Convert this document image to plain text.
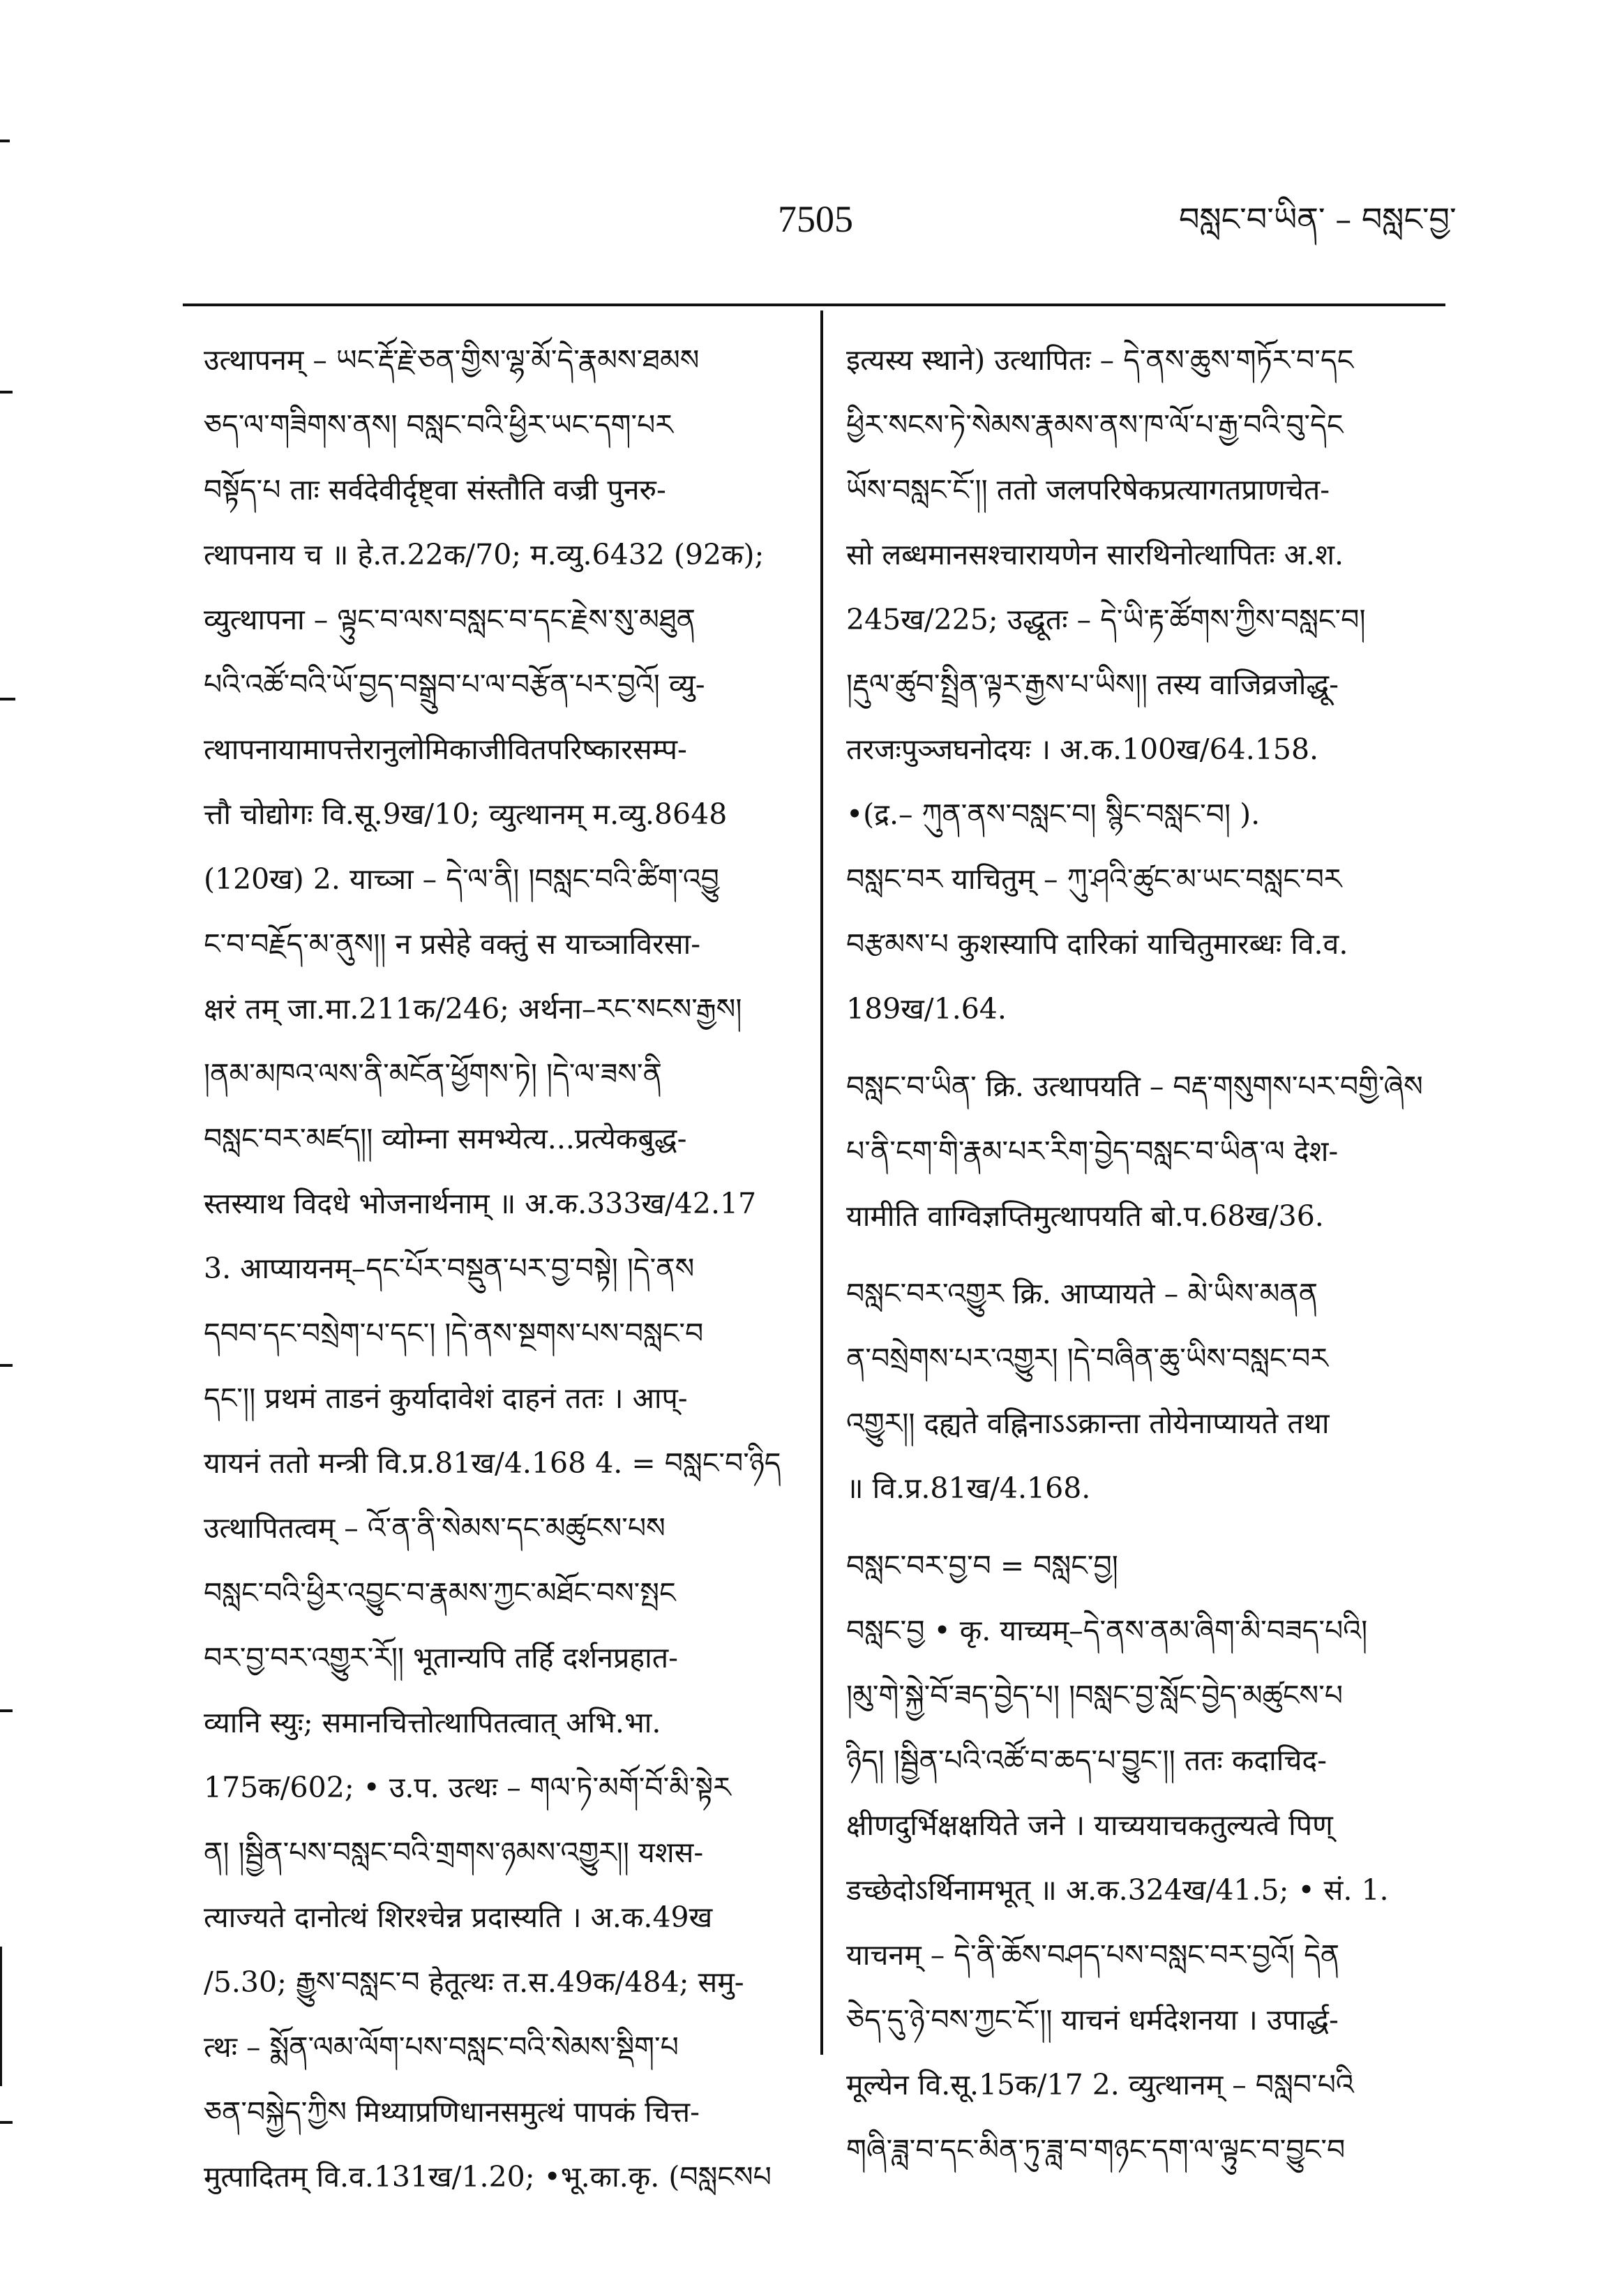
7505	བསླང་བ་ཡིན་ – བསླང་བྱ་
उत्थापनम् – ཡང་རྡོ་རྗེ་ཅན་གྱིས་ལྷ་མོ་དེ་རྣམས་ཐམས
ཅད་ལ་གཟིགས་ནས། བསླང་བའི་ཕྱིར་ཡང་དག་པར
བསྟོད་པ ताः सर्वदेवीर्दृष्ट्वा संस्तौति वज्री पुनरु-
त्थापनाय च ॥ हे.त.22क/70; म.व्यु.6432 (92क);
व्युत्थापना – ལྟུང་བ་ལས་བསླང་བ་དང་རྗེས་སུ་མཐུན
པའི་འཚོ་བའི་ཡོ་བྱད་བསྒྲུབ་པ་ལ་བརྩོན་པར་བྱའོ། व्यु-
त्थापनायामापत्तेरानुलोमिकाजीवितपरिष्कारसम्प-
त्तौ चोद्योगः वि.सू.9ख/10; व्युत्थानम् म.व्यु.8648
(120ख) 2. याच्ञा – དེ་ལ་ནི། །བསླང་བའི་ཚིག་འབྱུ
ང་བ་བརྗོད་མ་ནུས།། न प्रसेहे वक्तुं स याच्ञाविरसा-
क्षरं तम् जा.मा.211क/246; अर्थना–རང་སངས་རྒྱས།
།ནམ་མཁའ་ལས་ནི་མངོན་ཕྱོགས་ཏེ། །དེ་ལ་ཟས་ནི
བསླང་བར་མཛད།། व्योम्ना समभ्येत्य...प्रत्येकबुद्ध-
स्तस्याथ विदधे भोजनार्थनाम् ॥ अ.क.333ख/42.17
3. आप्यायनम्–དང་པོར་བསྡུན་པར་བྱ་བསྟེ། །དེ་ནས
དབབ་དང་བསྲེག་པ་དང་། །དེ་ནས་སྔགས་པས་བསླང་བ
དང་།། प्रथमं ताडनं कुर्यादावेशं दाहनं ततः । आप्-
यायनं ततो मन्त्री वि.प्र.81ख/4.168 4. = བསླང་བ་ཉིད
उत्थापितत्वम् – འོ་ན་ནི་སེམས་དང་མཚུངས་པས
བསླང་བའི་ཕྱིར་འབྱུང་བ་རྣམས་ཀྱང་མཐོང་བས་སྤང
བར་བྱ་བར་འགྱུར་རོ།། भूतान्यपि तर्हि दर्शनप्रहात-
व्यानि स्युः; समानचित्तोत्थापितत्वात् अभि.भा.
175क/602; • उ.प. उत्थः – གལ་ཏེ་མགོ་བོ་མི་སྟེར
ན། །སྦྱིན་པས་བསླང་བའི་གྲགས་ཉམས་འགྱུར།། यशस-
त्याज्यते दानोत्थं शिरश्चेन्न प्रदास्यति । अ.क.49ख
/5.30; རྒྱུས་བསླང་བ हेतूत्थः त.स.49क/484; समु-
त्थः – སྨོན་ལམ་ལོག་པས་བསླང་བའི་སེམས་སྡིག་པ
ཅན་བསྐྱེད་ཀྱིས मिथ्याप्रणिधानसमुत्थं पापकं चित्त-
मुत्पादितम् वि.व.131ख/1.20; •भू.का.कृ. (བསླངསཔ
इत्यस्य स्थाने) उत्थापितः – དེ་ནས་ཆུས་གཏོར་བ་དང
ཕྱིར་སངས་ཏེ་སེམས་རྣམས་ནས་ཁ་ལོ་པ་རྒྱ་བའི་བུ་དེང
ཡོས་བསླང་ངོ་།། ततो जलपरिषेकप्रत्यागतप्राणचेत-
सो लब्धमानसश्चारायणेन सारथिनोत्थापितः अ.श.
245ख/225; उद्धूतः – དེ་ཡི་རྟ་ཚོགས་ཀྱིས་བསླང་བ།
།རྡུལ་ཚུབ་སྤྲིན་ལྟར་རྒྱས་པ་ཡིས།། तस्य वाजिव्रजोद्धू-
तरजःपुञ्जघनोदयः । अ.क.100ख/64.158.
•(द्र.– ཀུན་ནས་བསླང་བ། སྙིང་བསླང་བ། ).
བསླང་བར याचितुम् – ཀུ་ཤའི་ཚུང་མ་ཡང་བསླང་བར
བརྩམས་པ कुशस्यापि दारिकां याचितुमारब्धः वि.व.
189ख/1.64.
བསླང་བ་ཡིན་ क्रि. उत्थापयति – བརྡ་གསུགས་པར་བགྱི་ཞེས
པ་ནི་ངག་གི་རྣམ་པར་རིག་བྱེད་བསླང་བ་ཡིན་ལ देश-
यामीति वाग्विज्ञप्तिमुत्थापयति बो.प.68ख/36.
བསླང་བར་འགྱུར क्रि. आप्यायते – མེ་ཡིས་མནན
ན་བསྲེགས་པར་འགྱུར། །དེ་བཞིན་ཆུ་ཡིས་བསླང་བར
འགྱུར།། दह्यते वह्निनाऽऽक्रान्ता तोयेनाप्यायते तथा
॥ वि.प्र.81ख/4.168.
བསླང་བར་བྱ་བ = བསླང་བྱ།
བསླང་བྱ • कृ. याच्यम्–དེ་ནས་ནམ་ཞིག་མི་བཟད་པའི།
།མུ་གེ་སྐྱེ་བོ་ཟད་བྱེད་པ། །བསླང་བྱ་སློང་བྱེད་མཚུངས་པ
ཉིད། །སྦྱིན་པའི་འཚོ་བ་ཆད་པ་བྱུང་།། ततः कदाचिद-
क्षीणदुर्भिक्षक्षयिते जने । याच्ययाचकतुल्यत्वे पिण्
डच्छेदोऽर्थिनामभूत् ॥ अ.क.324ख/41.5; • सं. 1.
याचनम् – དེ་ནི་ཆོས་བཤད་པས་བསླང་བར་བྱའོ། དེན
ཅེད་དུ་ཉེ་བས་ཀྱང་ངོ་།། याचनं धर्मदेशनया । उपार्द्ध-
मूल्येन वि.सू.15क/17 2. व्युत्थानम् – བསླབ་པའི
གཞི་ཟླ་བ་དང་མིན་ཏུ་ཟླ་བ་གཉང་དག་ལ་ལྟུང་བ་བྱུང་བ
